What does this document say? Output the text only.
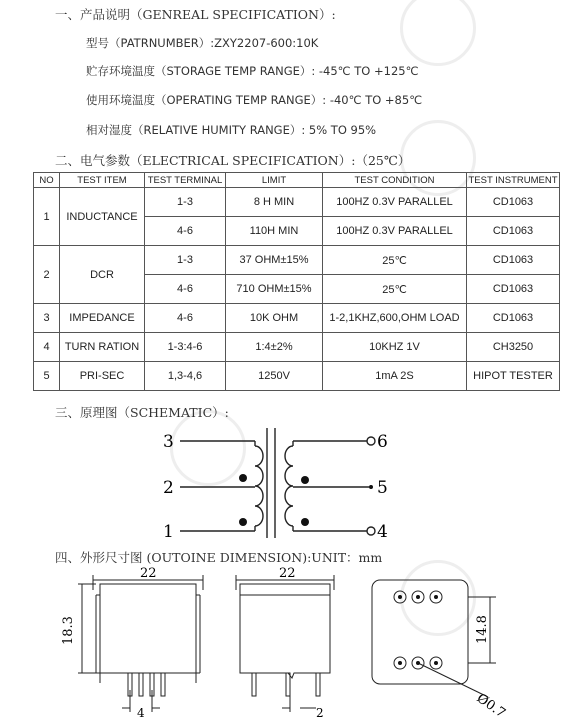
一、产品说明（GENREAL SPECIFICATION）:
型号（PATRNUMBER）:ZXY2207-600:10K
贮存环境温度（STORAGE TEMP RANGE）: -45℃ TO +125℃
使用环境温度（OPERATING TEMP RANGE）: -40℃ TO +85℃
相对湿度（RELATIVE HUMITY RANGE）: 5% TO 95%
二、电气参数（ELECTRICAL SPECIFICATION）:（25℃）
NO	TEST ITEM	TEST TERMINAL	LIMIT	TEST CONDITION	TEST INSTRUMENT
1	INDUCTANCE	1-3	8 H MIN	100HZ 0.3V PARALLEL	CD1063
		4-6	110H MIN	100HZ 0.3V PARALLEL	CD1063
2	DCR	1-3	37 OHM±15%	25℃	CD1063
		4-6	710 OHM±15%	25℃	CD1063
3	IMPEDANCE	4-6	10K OHM	1-2,1KHZ,600,OHM LOAD	CD1063
4	TURN RATION	1-3:4-6	1:4±2%	10KHZ 1V	CH3250
5	PRI-SEC	1,3-4,6	1250V	1mA 2S	HIPOT TESTER
三、原理图（SCHEMATIC）:
3
2
1
6
5
4
四、外形尺寸图 (OUTOINE DIMENSION):UNIT：mm
22
18.3
4
22
2
14.8
Ø0.7
